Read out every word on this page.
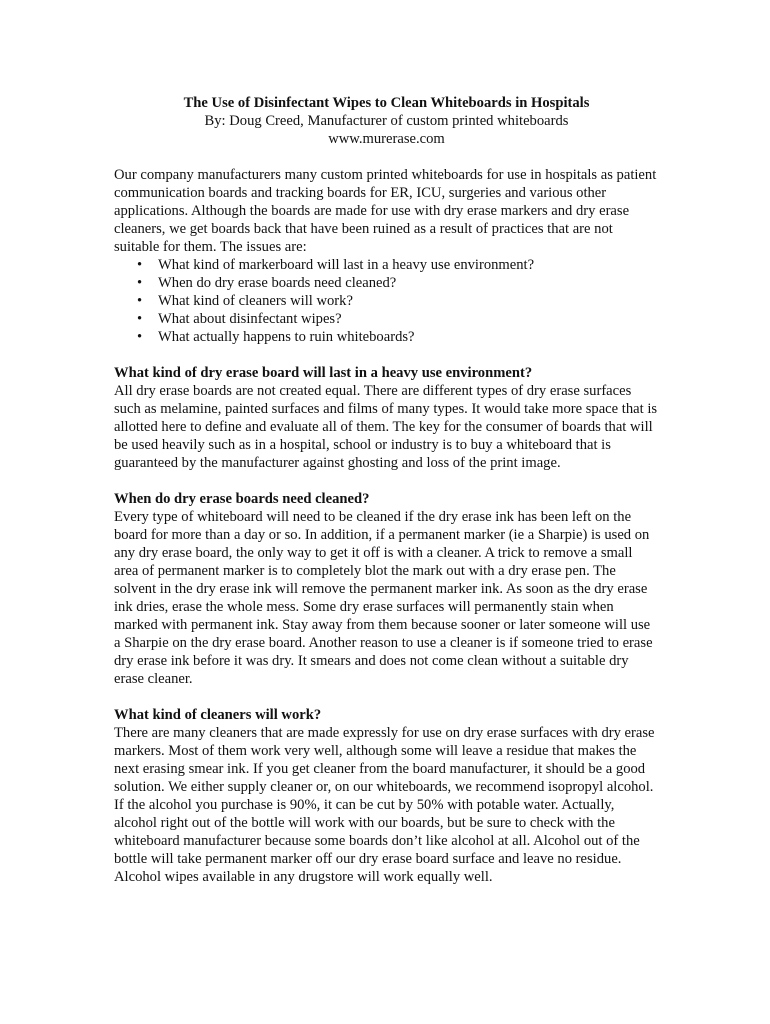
The Use of Disinfectant Wipes to Clean Whiteboards in Hospitals
By: Doug Creed, Manufacturer of custom printed whiteboards
www.murerase.com

Our company manufacturers many custom printed whiteboards for use in hospitals as patient communication boards and tracking boards for ER, ICU, surgeries and various other applications. Although the boards are made for use with dry erase markers and dry erase cleaners, we get boards back that have been ruined as a result of practices that are not suitable for them. The issues are:

• What kind of markerboard will last in a heavy use environment?
• When do dry erase boards need cleaned?
• What kind of cleaners will work?
• What about disinfectant wipes?
• What actually happens to ruin whiteboards?

What kind of dry erase board will last in a heavy use environment?

All dry erase boards are not created equal. There are different types of dry erase surfaces such as melamine, painted surfaces and films of many types. It would take more space that is allotted here to define and evaluate all of them. The key for the consumer of boards that will be used heavily such as in a hospital, school or industry is to buy a whiteboard that is guaranteed by the manufacturer against ghosting and loss of the print image.

When do dry erase boards need cleaned?

Every type of whiteboard will need to be cleaned if the dry erase ink has been left on the board for more than a day or so. In addition, if a permanent marker (ie a Sharpie) is used on any dry erase board, the only way to get it off is with a cleaner. A trick to remove a small area of permanent marker is to completely blot the mark out with a dry erase pen. The solvent in the dry erase ink will remove the permanent marker ink. As soon as the dry erase ink dries, erase the whole mess. Some dry erase surfaces will permanently stain when marked with permanent ink. Stay away from them because sooner or later someone will use a Sharpie on the dry erase board. Another reason to use a cleaner is if someone tried to erase dry erase ink before it was dry. It smears and does not come clean without a suitable dry erase cleaner.

What kind of cleaners will work?

There are many cleaners that are made expressly for use on dry erase surfaces with dry erase markers. Most of them work very well, although some will leave a residue that makes the next erasing smear ink. If you get cleaner from the board manufacturer, it should be a good solution. We either supply cleaner or, on our whiteboards, we recommend isopropyl alcohol. If the alcohol you purchase is 90%, it can be cut by 50% with potable water. Actually, alcohol right out of the bottle will work with our boards, but be sure to check with the whiteboard manufacturer because some boards don’t like alcohol at all. Alcohol out of the bottle will take permanent marker off our dry erase board surface and leave no residue. Alcohol wipes available in any drugstore will work equally well.
